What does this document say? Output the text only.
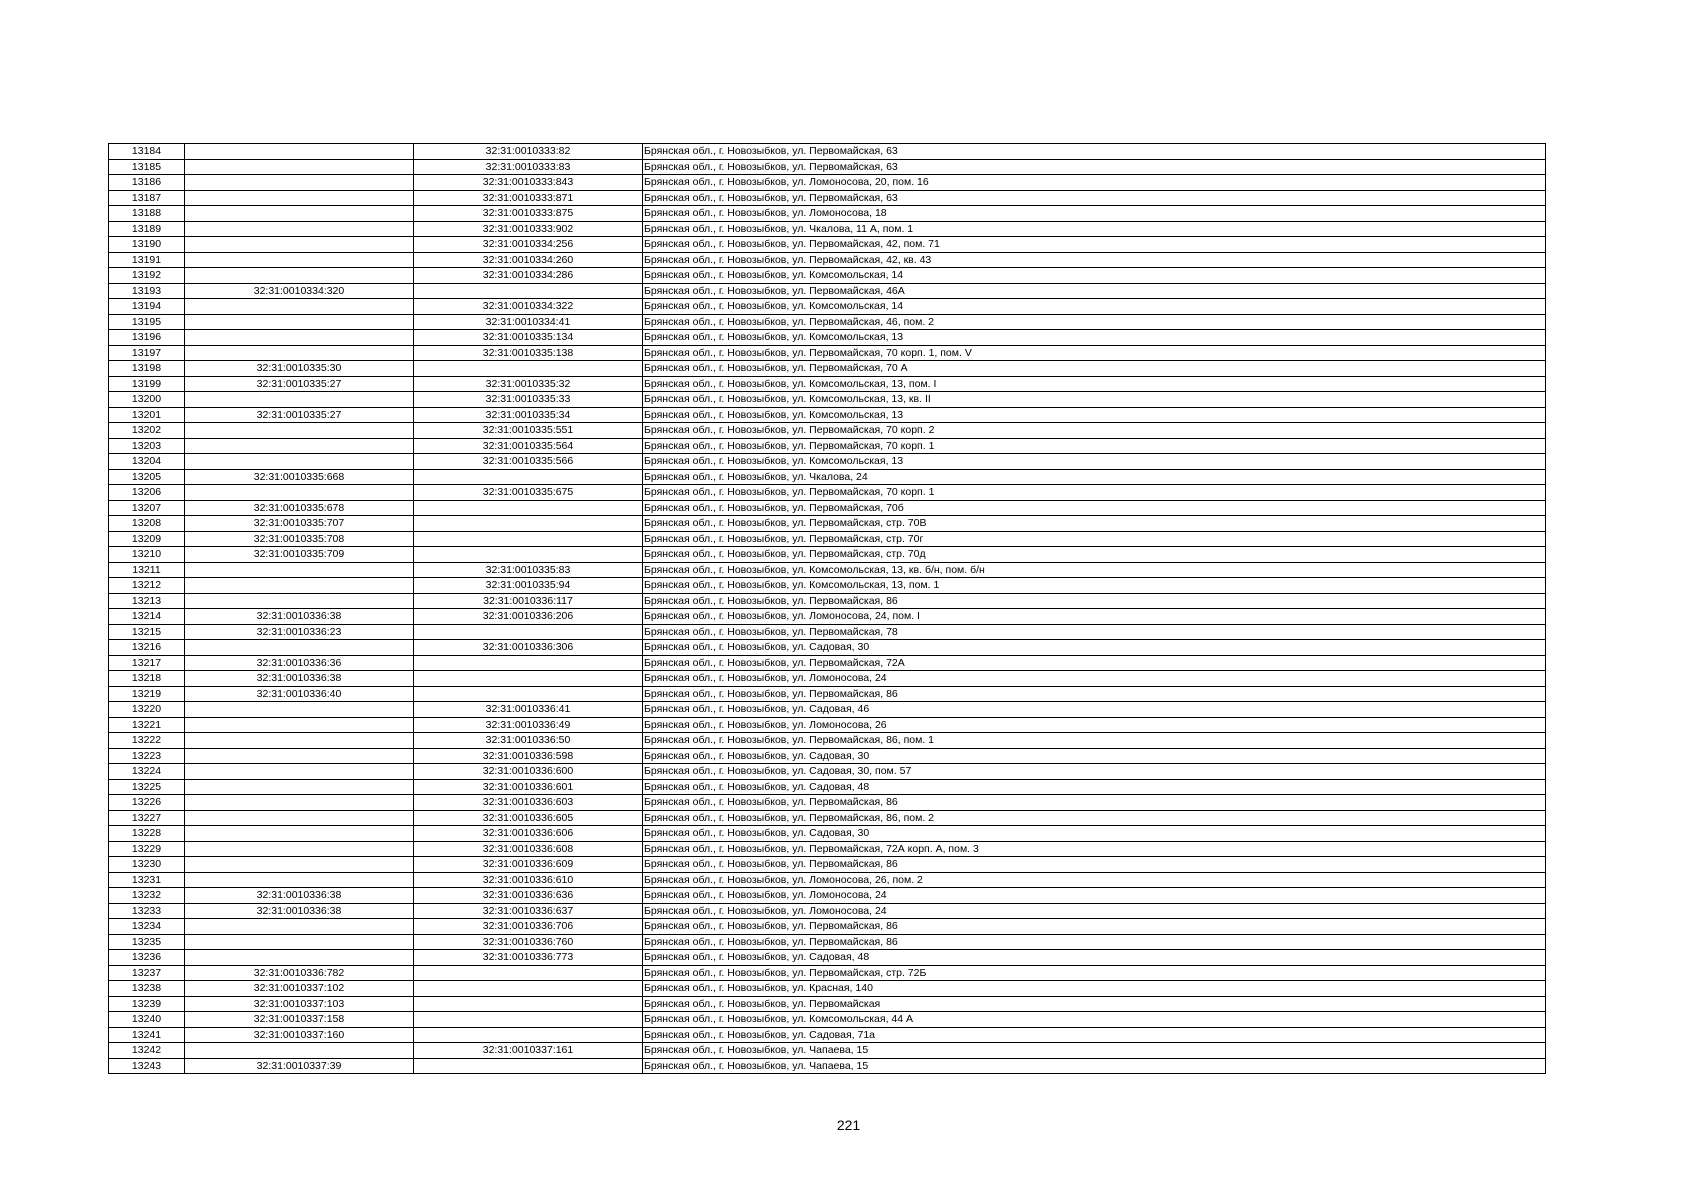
13184		32:31:0010333:82	Брянская обл., г. Новозыбков, ул. Первомайская, 63
13185		32:31:0010333:83	Брянская обл., г. Новозыбков, ул. Первомайская, 63
13186		32:31:0010333:843	Брянская обл., г. Новозыбков, ул. Ломоносова, 20, пом. 16
13187		32:31:0010333:871	Брянская обл., г. Новозыбков, ул. Первомайская, 63
13188		32:31:0010333:875	Брянская обл., г. Новозыбков, ул. Ломоносова, 18
13189		32:31:0010333:902	Брянская обл., г. Новозыбков, ул. Чкалова, 11 А, пом. 1
13190		32:31:0010334:256	Брянская обл., г. Новозыбков, ул. Первомайская, 42, пом. 71
13191		32:31:0010334:260	Брянская обл., г. Новозыбков, ул. Первомайская, 42, кв. 43
13192		32:31:0010334:286	Брянская обл., г. Новозыбков, ул. Комсомольская, 14
13193	32:31:0010334:320		Брянская обл., г. Новозыбков, ул. Первомайская, 46А
13194		32:31:0010334:322	Брянская обл., г. Новозыбков, ул. Комсомольская, 14
13195		32:31:0010334:41	Брянская обл., г. Новозыбков, ул. Первомайская, 46, пом. 2
13196		32:31:0010335:134	Брянская обл., г. Новозыбков, ул. Комсомольская, 13
13197		32:31:0010335:138	Брянская обл., г. Новозыбков, ул. Первомайская, 70 корп. 1, пом. V
13198	32:31:0010335:30		Брянская обл., г. Новозыбков, ул. Первомайская, 70 А
13199	32:31:0010335:27	32:31:0010335:32	Брянская обл., г. Новозыбков, ул. Комсомольская, 13, пом. I
13200		32:31:0010335:33	Брянская обл., г. Новозыбков, ул. Комсомольская, 13, кв. II
13201	32:31:0010335:27	32:31:0010335:34	Брянская обл., г. Новозыбков, ул. Комсомольская, 13
13202		32:31:0010335:551	Брянская обл., г. Новозыбков, ул. Первомайская, 70 корп. 2
13203		32:31:0010335:564	Брянская обл., г. Новозыбков, ул. Первомайская, 70 корп. 1
13204		32:31:0010335:566	Брянская обл., г. Новозыбков, ул. Комсомольская, 13
13205	32:31:0010335:668		Брянская обл., г. Новозыбков, ул. Чкалова, 24
13206		32:31:0010335:675	Брянская обл., г. Новозыбков, ул. Первомайская, 70 корп. 1
13207	32:31:0010335:678		Брянская обл., г. Новозыбков, ул. Первомайская, 70б
13208	32:31:0010335:707		Брянская обл., г. Новозыбков, ул. Первомайская, стр. 70В
13209	32:31:0010335:708		Брянская обл., г. Новозыбков, ул. Первомайская, стр. 70г
13210	32:31:0010335:709		Брянская обл., г. Новозыбков, ул. Первомайская, стр. 70д
13211		32:31:0010335:83	Брянская обл., г. Новозыбков, ул. Комсомольская, 13, кв. б/н, пом. б/н
13212		32:31:0010335:94	Брянская обл., г. Новозыбков, ул. Комсомольская, 13, пом. 1
13213		32:31:0010336:117	Брянская обл., г. Новозыбков, ул. Первомайская, 86
13214	32:31:0010336:38	32:31:0010336:206	Брянская обл., г. Новозыбков, ул. Ломоносова, 24, пом. I
13215	32:31:0010336:23		Брянская обл., г. Новозыбков, ул. Первомайская, 78
13216		32:31:0010336:306	Брянская обл., г. Новозыбков, ул. Садовая, 30
13217	32:31:0010336:36		Брянская обл., г. Новозыбков, ул. Первомайская, 72А
13218	32:31:0010336:38		Брянская обл., г. Новозыбков, ул. Ломоносова, 24
13219	32:31:0010336:40		Брянская обл., г. Новозыбков, ул. Первомайская, 86
13220		32:31:0010336:41	Брянская обл., г. Новозыбков, ул. Садовая, 46
13221		32:31:0010336:49	Брянская обл., г. Новозыбков, ул. Ломоносова, 26
13222		32:31:0010336:50	Брянская обл., г. Новозыбков, ул. Первомайская, 86, пом. 1
13223		32:31:0010336:598	Брянская обл., г. Новозыбков, ул. Садовая, 30
13224		32:31:0010336:600	Брянская обл., г. Новозыбков, ул. Садовая, 30, пом. 57
13225		32:31:0010336:601	Брянская обл., г. Новозыбков, ул. Садовая, 48
13226		32:31:0010336:603	Брянская обл., г. Новозыбков, ул. Первомайская, 86
13227		32:31:0010336:605	Брянская обл., г. Новозыбков, ул. Первомайская, 86, пом. 2
13228		32:31:0010336:606	Брянская обл., г. Новозыбков, ул. Садовая, 30
13229		32:31:0010336:608	Брянская обл., г. Новозыбков, ул. Первомайская, 72А корп. А, пом. 3
13230		32:31:0010336:609	Брянская обл., г. Новозыбков, ул. Первомайская, 86
13231		32:31:0010336:610	Брянская обл., г. Новозыбков, ул. Ломоносова, 26, пом. 2
13232	32:31:0010336:38	32:31:0010336:636	Брянская обл., г. Новозыбков, ул. Ломоносова, 24
13233	32:31:0010336:38	32:31:0010336:637	Брянская обл., г. Новозыбков, ул. Ломоносова, 24
13234		32:31:0010336:706	Брянская обл., г. Новозыбков, ул. Первомайская, 86
13235		32:31:0010336:760	Брянская обл., г. Новозыбков, ул. Первомайская, 86
13236		32:31:0010336:773	Брянская обл., г. Новозыбков, ул. Садовая, 48
13237	32:31:0010336:782		Брянская обл., г. Новозыбков, ул. Первомайская, стр. 72Б
13238	32:31:0010337:102		Брянская обл., г. Новозыбков, ул. Красная, 140
13239	32:31:0010337:103		Брянская обл., г. Новозыбков, ул. Первомайская
13240	32:31:0010337:158		Брянская обл., г. Новозыбков, ул. Комсомольская, 44 А
13241	32:31:0010337:160		Брянская обл., г. Новозыбков, ул. Садовая, 71а
13242		32:31:0010337:161	Брянская обл., г. Новозыбков, ул. Чапаева, 15
13243	32:31:0010337:39		Брянская обл., г. Новозыбков, ул. Чапаева, 15
221
